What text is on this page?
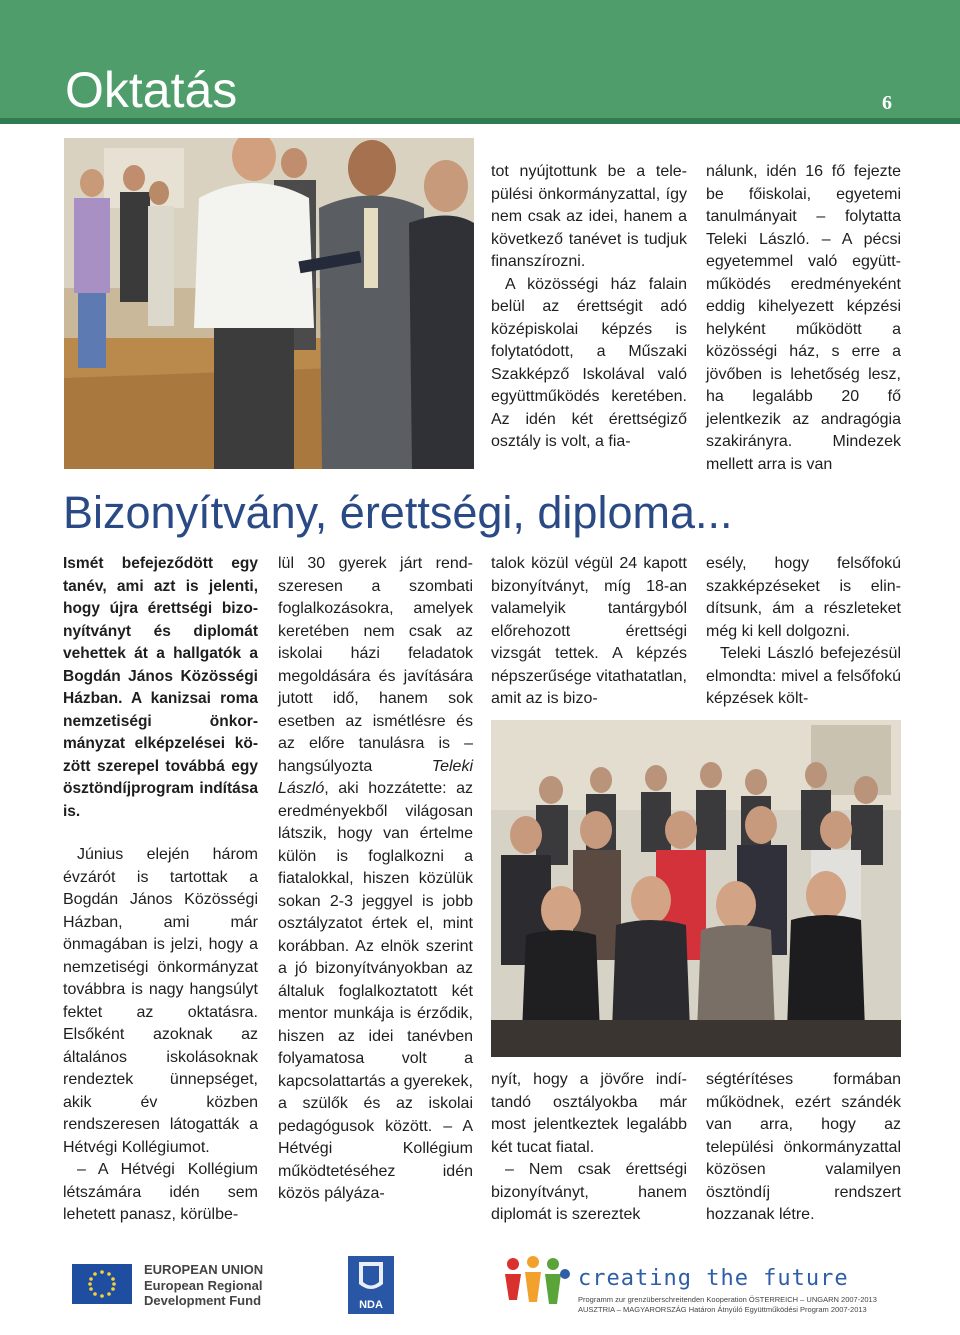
Oktatás	6

tot nyújtottunk be a települési önkormányzattal, így nem csak az idei, hanem a következő tanévet is tudjuk finanszírozni.

A közösségi ház falain belül az érettségit adó középiskolai képzés is folytatódott, a Műszaki Szakképző Iskolával való együttműködés keretében. Az idén két érettségiző osztály is volt, a fia-

nálunk, idén 16 fő fejezte be főiskolai, egyetemi tanulmányait – folytatta Teleki László. – A pécsi egyetemmel való együttműködés eredményeként eddig kihelyezett képzési helyként működött a közösségi ház, s erre a jövőben is lehetőség lesz, ha legalább 20 fő jelentkezik az andragógia szakirányra. Mindezek mellett arra is van

Bizonyítvány, érettségi, diploma...

Ismét befejeződött egy tanév, ami azt is jelenti, hogy újra érettségi bizonyítványt és diplomát vehettek át a hallgatók a Bogdán János Közösségi Házban. A kanizsai roma nemzetiségi önkormányzat elképzelései között szerepel továbbá egy ösztöndíjprogram indítása is.

Június elején három évzárót is tartottak a Bogdán János Közösségi Házban, ami már önmagában is jelzi, hogy a nemzetiségi önkormányzat továbbra is nagy hangsúlyt fektet az oktatásra. Elsőként azoknak az általános iskolásoknak rendeztek ünnepséget, akik év közben rendszeresen látogatták a Hétvégi Kollégiumot.

– A Hétvégi Kollégium létszámára idén sem lehetett panasz, körülbe-

lül 30 gyerek járt rendszeresen a szombati foglalkozásokra, amelyek keretében nem csak az iskolai házi feladatok megoldására és javítására jutott idő, hanem sok esetben az ismétlésre és az előre tanulásra is – hangsúlyozta Teleki László, aki hozzátette: az eredményekből világosan látszik, hogy van értelme külön is foglalkozni a fiatalokkal, hiszen közülük sokan 2-3 jeggyel is jobb osztályzatot értek el, mint korábban. Az elnök szerint a jó bizonyítványokban az általuk foglalkoztatott két mentor munkája is érződik, hiszen az idei tanévben folyamatosa volt a kapcsolattartás a gyerekek, a szülők és az iskolai pedagógusok között. – A Hétvégi Kollégium működtetéséhez idén közös pályáza-

talok közül végül 24 kapott bizonyítványt, míg 18-an valamelyik tantárgyból előrehozott érettségi vizsgát tettek. A képzés népszerűsége vitathatatlan, amit az is bizo-

esély, hogy felsőfokú szakképzéseket is elindítsunk, ám a részleteket még ki kell dolgozni.

Teleki László befejezésül elmondta: mivel a felsőfokú képzések költ-

nyít, hogy a jövőre indítandó osztályokba már most jelentkeztek legalább két tucat fiatal.

– Nem csak érettségi bizonyítványt, hanem diplomát is szereztek

ségtérítéses formában működnek, ezért szándék van arra, hogy az települési önkormányzattal közösen valamilyen ösztöndíj rendszert hozzanak létre.

NDA
EUROPEAN UNION
European Regional
Development Fund
creating the future
Programm zur grenzüberschreitenden Kooperation ÖSTERREICH – UNGARN 2007-2013
AUSZTRIA – MAGYARORSZÁG Határon Átnyúló Együttműködési Program 2007-2013
